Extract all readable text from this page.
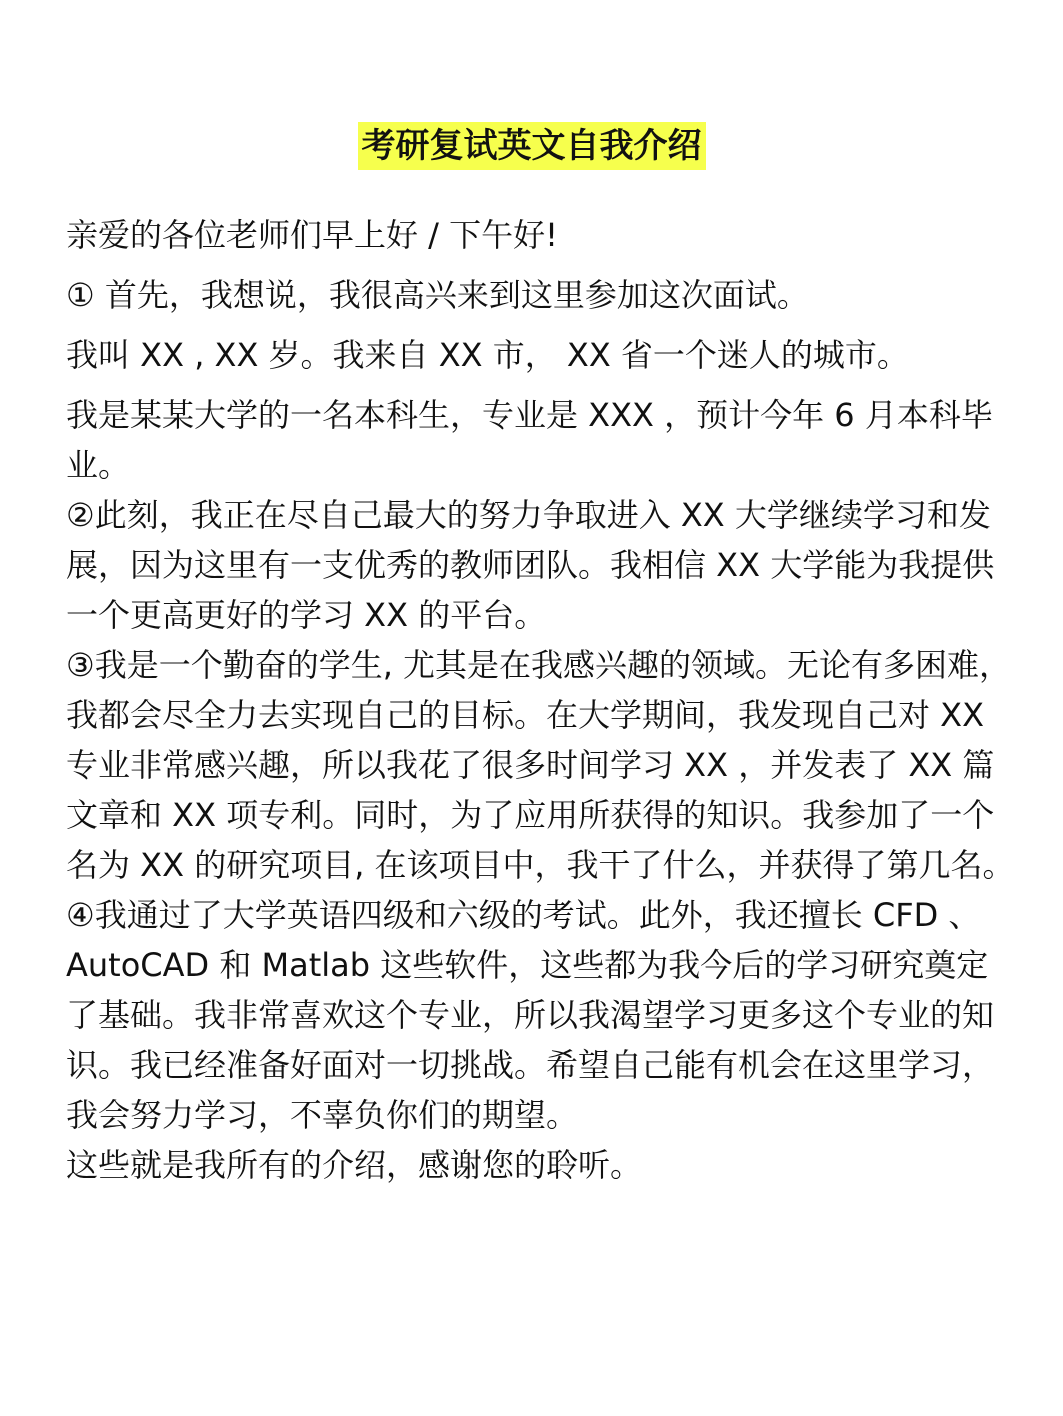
考研复试英文自我介绍

亲爱的各位老师们早上好 / 下午好!

① 首先，我想说，我很高兴来到这里参加这次面试。

我叫 XX , XX 岁。我来自 XX 市， XX 省一个迷人的城市。

我是某某大学的一名本科生，专业是 XXX ，预计今年 6 月本科毕业。

②此刻，我正在尽自己最大的努力争取进入 XX 大学继续学习和发展，因为这里有一支优秀的教师团队。我相信 XX 大学能为我提供一个更高更好的学习 XX 的平台。

③我是一个勤奋的学生, 尤其是在我感兴趣的领域。无论有多困难，我都会尽全力去实现自己的目标。在大学期间，我发现自己对 XX 专业非常感兴趣，所以我花了很多时间学习 XX ，并发表了 XX 篇文章和 XX 项专利。同时，为了应用所获得的知识。我参加了一个名为 XX 的研究项目, 在该项目中，我干了什么，并获得了第几名。

④我通过了大学英语四级和六级的考试。此外，我还擅长 CFD 、 AutoCAD 和 Matlab 这些软件，这些都为我今后的学习研究奠定了基础。我非常喜欢这个专业，所以我渴望学习更多这个专业的知识。我已经准备好面对一切挑战。希望自己能有机会在这里学习，我会努力学习，不辜负你们的期望。

这些就是我所有的介绍，感谢您的聆听。
